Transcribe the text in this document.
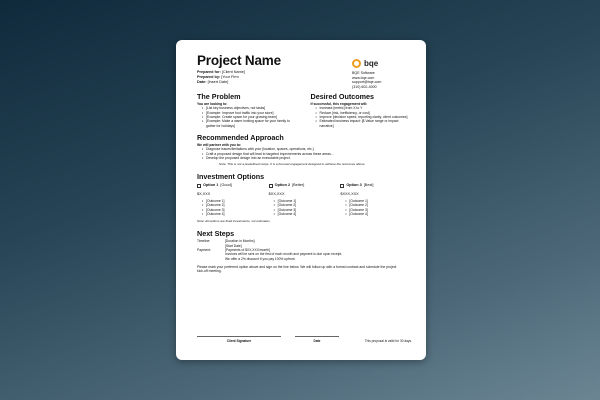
Project Name
Prepared for: [Client Name]
Prepared by: [Your Firm
Date: [Insert Date]
bqe
BQE Software
www.bqe.com
support@bqe.com
(310) 602-4000
The Problem
You are looking to:
• [List key business objectives, not tasks]
• [Example: Improve foot traffic into your store]
• [Example: Create space for your growing team]
• [Example: Make a warm inviting space for your family to gather for holidays]
Desired Outcomes
If successful, this engagement will:
• Increase [metric] from X to Y
• Reduce [risk, inefficiency, or cost]
• Improve [decision speed, reporting clarity, client outcomes]
• Estimated business impact: [$ Value range or impact narrative]
Recommended Approach
We will partner with you to:
• Diagnose issues/limitations with your [location, spaces, operations, etc.]
• Craft a proposed design that will lead to targeted improvements across these areas...
• Develop the proposed design into an executable project.
Note: This is not a predefined scope. It is a focused engagement designed to achieve the outcomes above.
Investment Options
Option 1 [Good]
$X,XXX
• [Outcome 1]
• [Outcome 2]
• [Outcome 3]
• [Outcome 4]
Option 2 [Better]
$XX,XXX
• [Outcome 1]
• [Outcome 2]
• [Outcome 3]
• [Outcome 4]
Option 3 [Best]
$XXX,XXX
• [Outcome 1]
• [Outcome 2]
• [Outcome 3]
• [Outcome 4]
Note: All options are fixed investments, not estimates.
Next Steps
Timeline:	[Duration in Months]
[Start Date]
Payment:	[Payments of $XX,XXX/month]
Invoices will be sent on the first of each month and payment is due upon receipt.
We offer a 2% discount if you pay 100% upfront.
Please mark your preferred option above and sign on the line below. We will follow up with a formal contract and schedule the project kick-off meeting.
Client Signature	Date	This proposal is valid for 30 days.
